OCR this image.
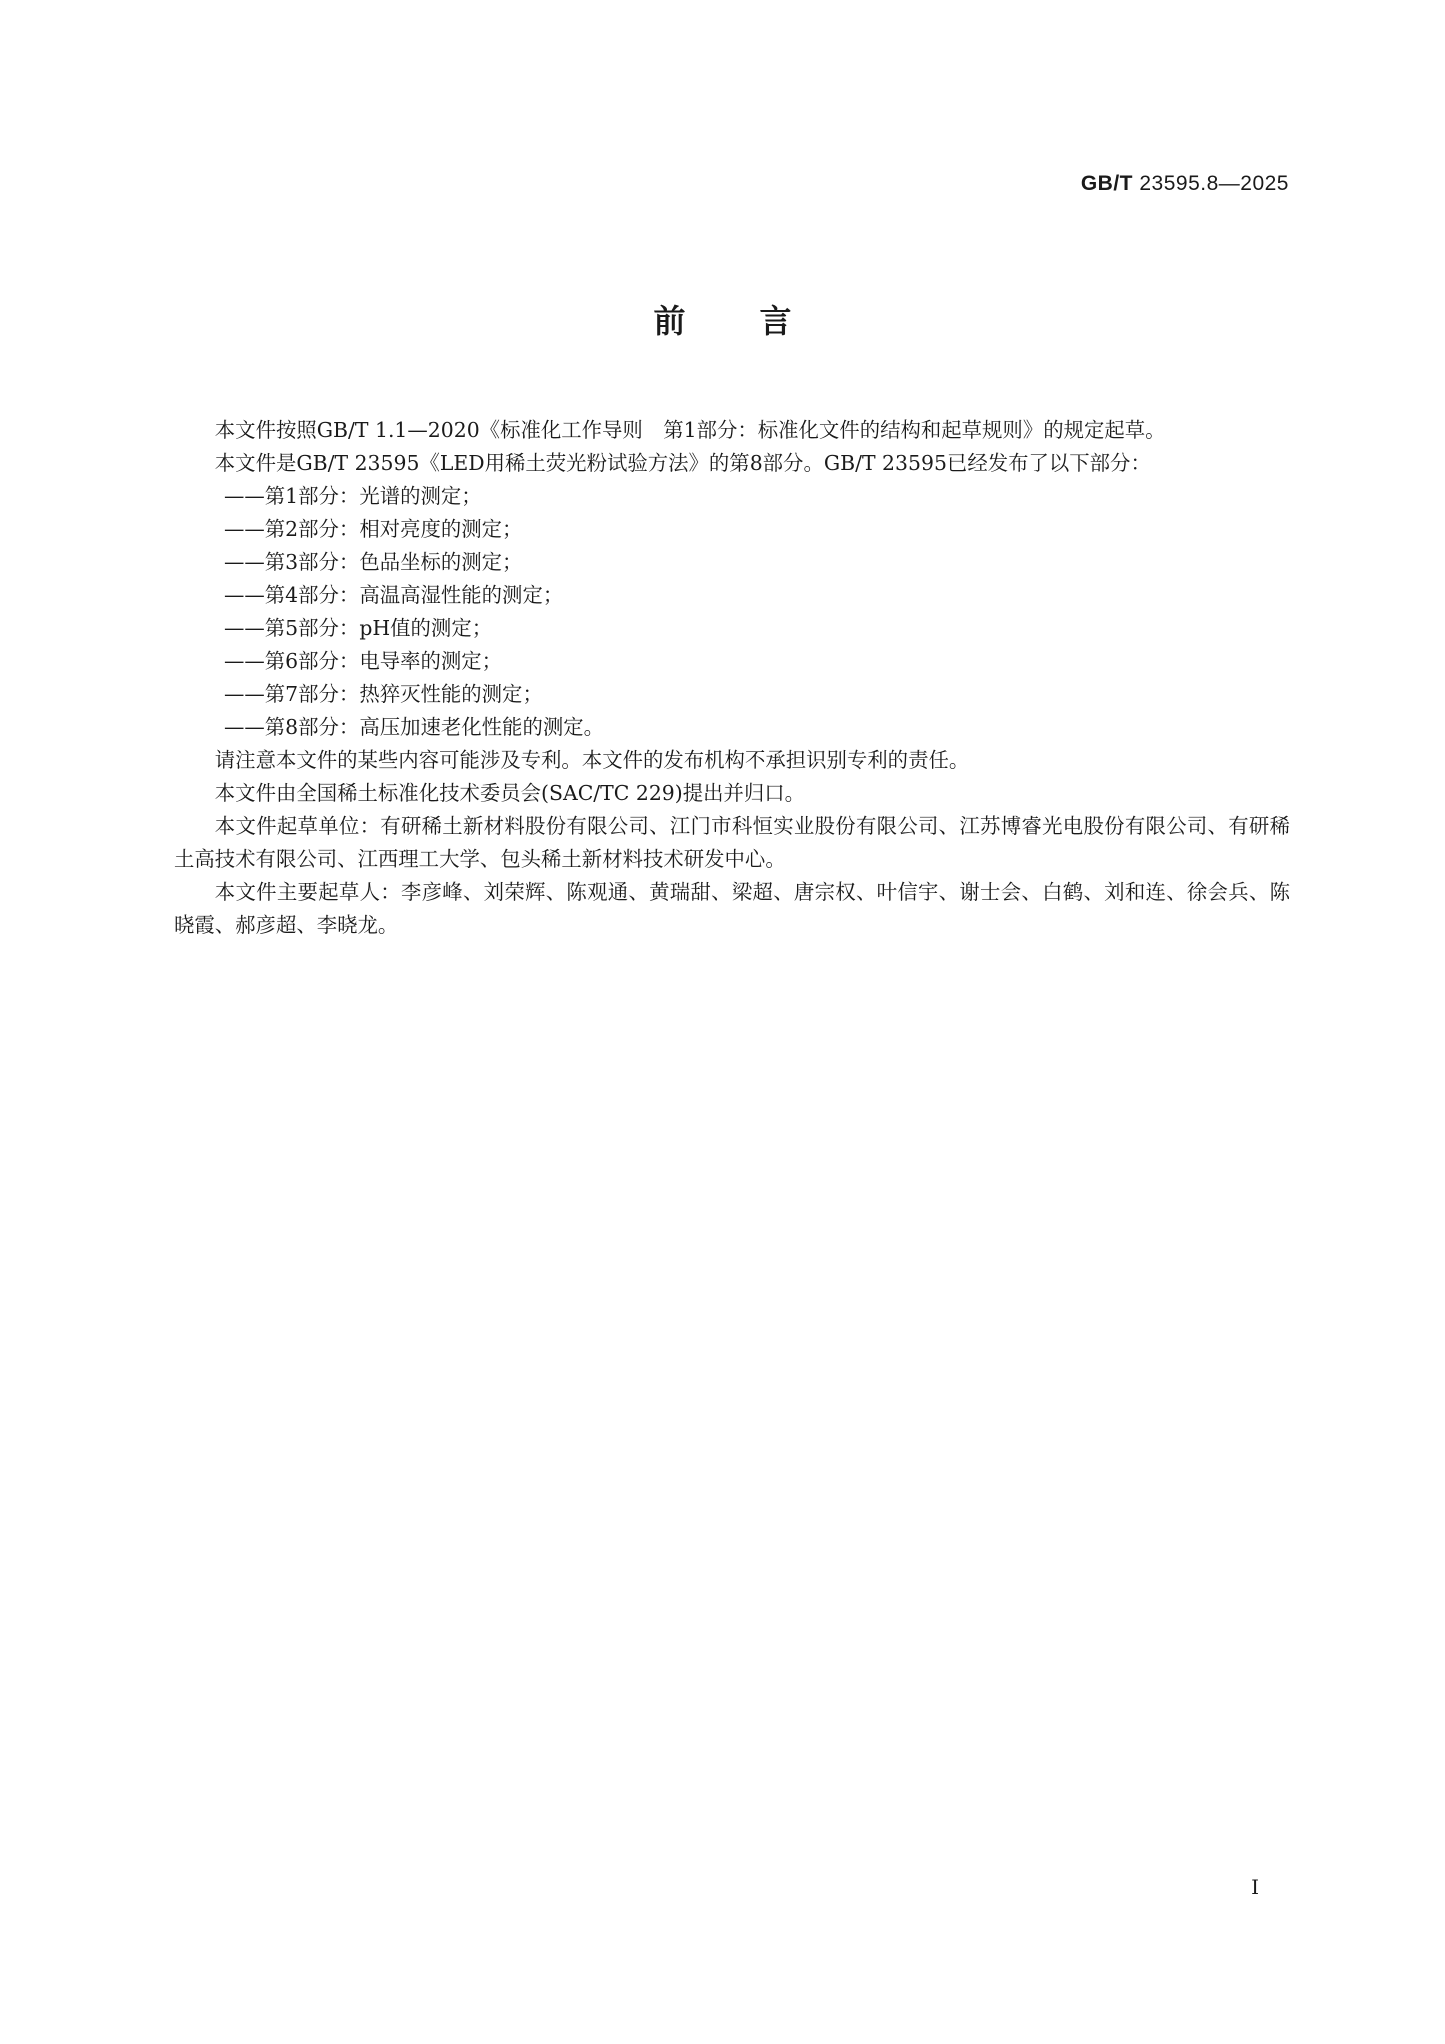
GB/T 23595.8—2025
前言

本文件按照GB/T 1.1—2020《标准化工作导则　第1部分：标准化文件的结构和起草规则》的规定起草。

本文件是GB/T 23595《LED用稀土荧光粉试验方法》的第8部分。GB/T 23595已经发布了以下部分：

——第1部分：光谱的测定；

——第2部分：相对亮度的测定；

——第3部分：色品坐标的测定；

——第4部分：高温高湿性能的测定；

——第5部分：pH值的测定；

——第6部分：电导率的测定；

——第7部分：热猝灭性能的测定；

——第8部分：高压加速老化性能的测定。

请注意本文件的某些内容可能涉及专利。本文件的发布机构不承担识别专利的责任。

本文件由全国稀土标准化技术委员会(SAC/TC 229)提出并归口。

本文件起草单位：有研稀土新材料股份有限公司、江门市科恒实业股份有限公司、江苏博睿光电股份有限公司、有研稀土高技术有限公司、江西理工大学、包头稀土新材料技术研发中心。

本文件主要起草人：李彦峰、刘荣辉、陈观通、黄瑞甜、梁超、唐宗权、叶信宇、谢士会、白鹤、刘和连、徐会兵、陈晓霞、郝彦超、李晓龙。

I
